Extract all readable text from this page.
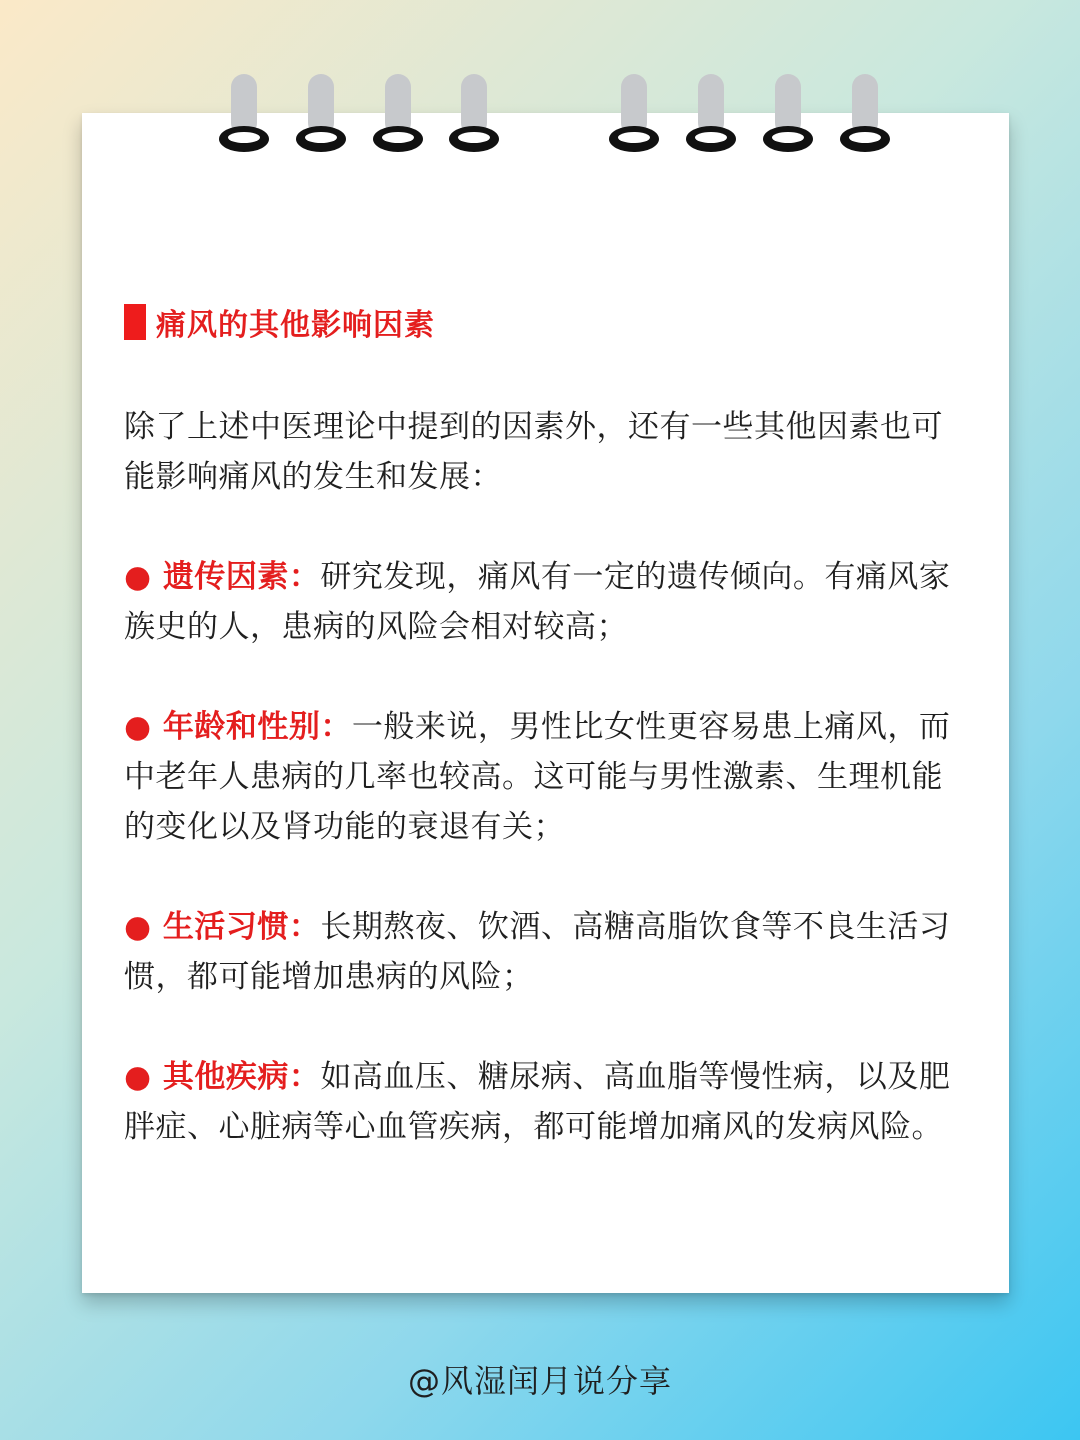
痛风的其他影响因素

除了上述中医理论中提到的因素外，还有一些其他因素也可能影响痛风的发生和发展：

● 遗传因素：研究发现，痛风有一定的遗传倾向。有痛风家族史的人，患病的风险会相对较高；

● 年龄和性别：一般来说，男性比女性更容易患上痛风，而中老年人患病的几率也较高。这可能与男性激素、生理机能的变化以及肾功能的衰退有关；

● 生活习惯：长期熬夜、饮酒、高糖高脂饮食等不良生活习惯，都可能增加患病的风险；

● 其他疾病：如高血压、糖尿病、高血脂等慢性病，以及肥胖症、心脏病等心血管疾病，都可能增加痛风的发病风险。

@风湿闰月说分享
